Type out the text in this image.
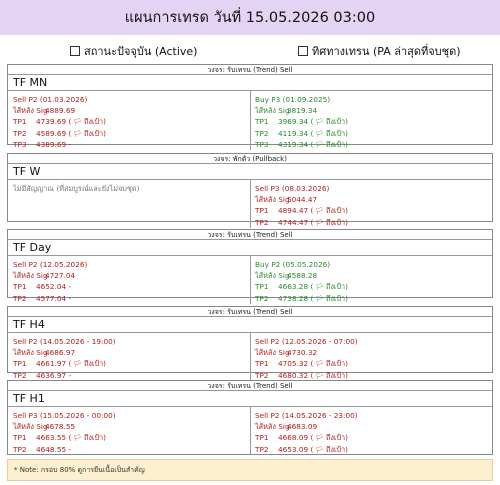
แผนการเทรด วันที่ 15.05.2026 03:00
สถานะปัจจุบัน (Active)	ทิศทางเทรน (PA ล่าสุดที่จบชุด)
วงจร: รับเทรน (Trend) Sell
TF MN
Sell P2 (01.03.2026)
ไส้หลัง Sig4889.69
TP1 4739.69 ( 🏳 ถึงเป้า)
TP2 4589.69 ( 🏳 ถึงเป้า)
TP3 4389.69 -
Buy P3 (01.09.2025)
ไส้หลัง Sig3819.34
TP1 3969.34 ( 🏳 ถึงเป้า)
TP2 4119.34 ( 🏳 ถึงเป้า)
TP3 4319.34 ( 🏳 ถึงเป้า)
วงจร: พักตัว (Pullback)
TF W
ไม่มีสัญญาณ (ที่สมบูรณ์และยังไม่จบชุด)	Sell P3 (08.03.2026)
ไส้หลัง Sig5044.47
TP1 4894.47 ( 🏳 ถึงเป้า)
TP2 4744.47 ( 🏳 ถึงเป้า)
วงจร: รับเทรน (Trend) Sell
TF Day
Sell P2 (12.05.2026)
ไส้หลัง Sig4727.04
TP1 4652.04 -
TP2 4577.04 -
Buy P2 (05.05.2026)
ไส้หลัง Sig4588.28
TP1 4663.28 ( 🏳 ถึงเป้า)
TP2 4738.28 ( 🏳 ถึงเป้า)
วงจร: รับเทรน (Trend) Sell
TF H4
Sell P2 (14.05.2026 - 19:00)
ไส้หลัง Sig4686.97
TP1 4661.97 ( 🏳 ถึงเป้า)
TP2 4636.97 -
Sell P2 (12.05.2026 - 07:00)
ไส้หลัง Sig4730.32
TP1 4705.32 ( 🏳 ถึงเป้า)
TP2 4680.32 ( 🏳 ถึงเป้า)
วงจร: รับเทรน (Trend) Sell
TF H1
Sell P3 (15.05.2026 - 00:00)
ไส้หลัง Sig4678.55
TP1 4663.55 ( 🏳 ถึงเป้า)
TP2 4648.55 -
Sell P2 (14.05.2026 - 23:00)
ไส้หลัง Sig4683.09
TP1 4668.09 ( 🏳 ถึงเป้า)
TP2 4653.09 ( 🏳 ถึงเป้า)
* Note: กรอบ 80% ดูการยืนเนื้อเป็นสำคัญ
